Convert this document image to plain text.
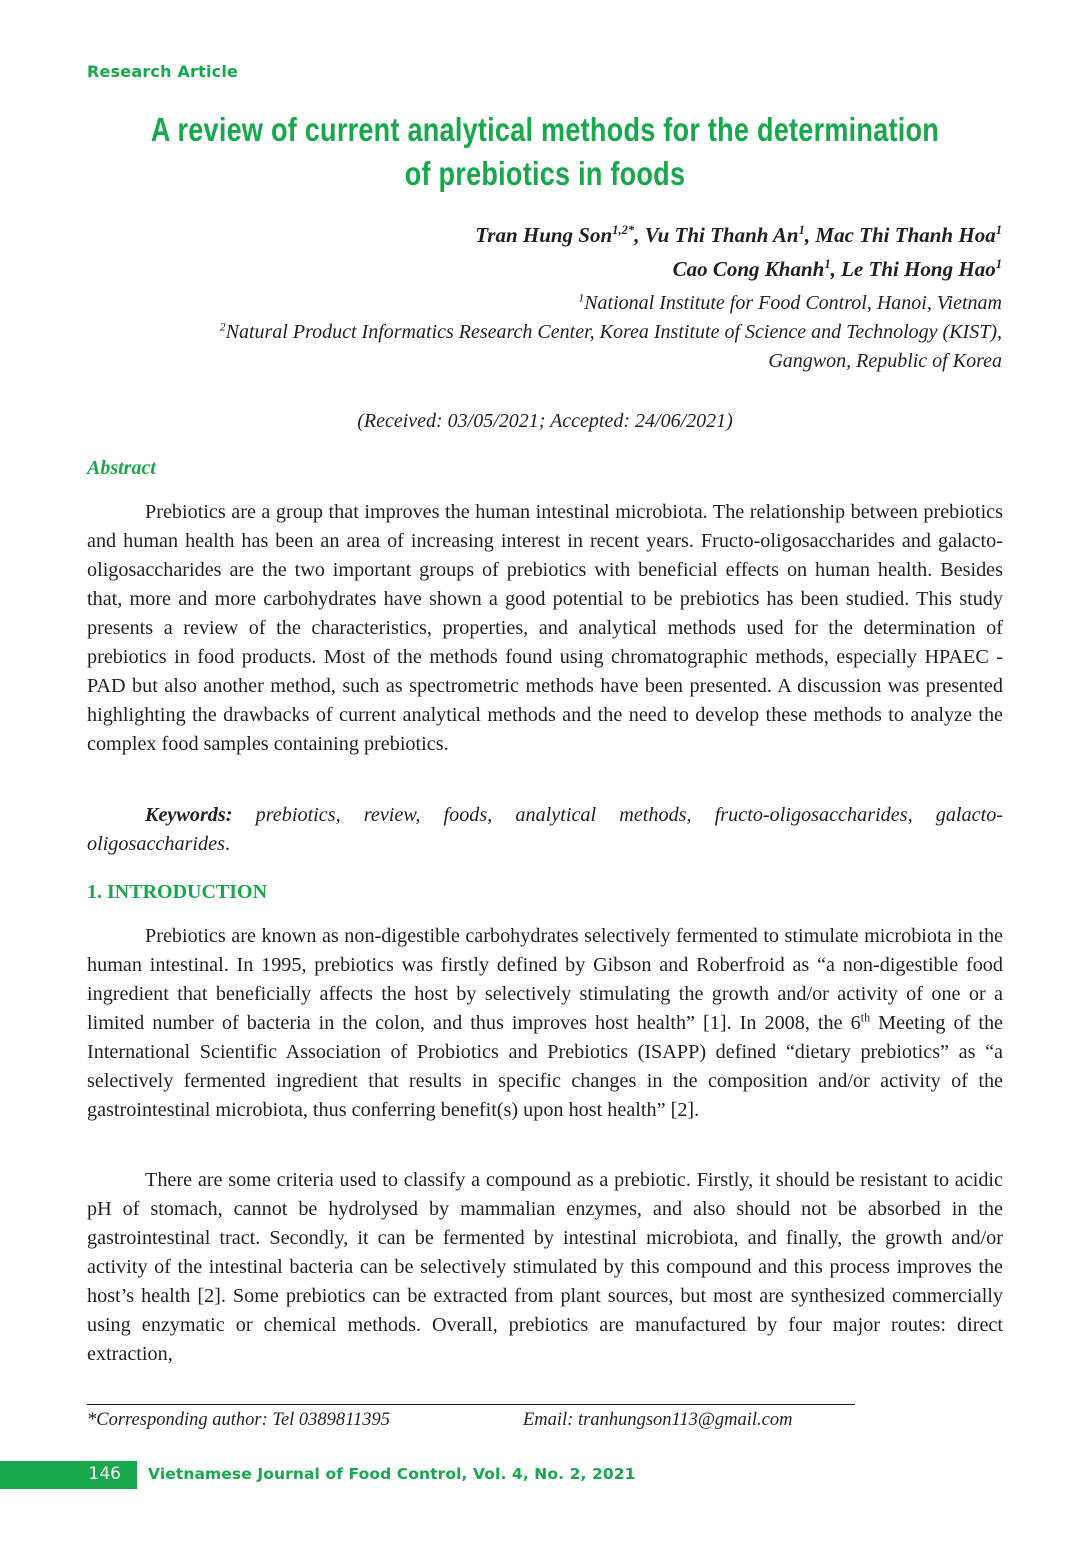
Research Article
A review of current analytical methods for the determination
of prebiotics in foods
Tran Hung Son$^{1,2*}$, Vu Thi Thanh An$^1$, Mac Thi Thanh Hoa$^1$
Cao Cong Khanh$^1$, Le Thi Hong Hao$^1$
$^1$National Institute for Food Control, Hanoi, Vietnam
$^2$Natural Product Informatics Research Center, Korea Institute of Science and Technology (KIST),
Gangwon, Republic of Korea
(Received: 03/05/2021; Accepted: 24/06/2021)
Abstract

Prebiotics are a group that improves the human intestinal microbiota. The relationship between prebiotics and human health has been an area of increasing interest in recent years. Fructo-oligosaccharides and galacto-oligosaccharides are the two important groups of prebiotics with beneficial effects on human health. Besides that, more and more carbohydrates have shown a good potential to be prebiotics has been studied. This study presents a review of the characteristics, properties, and analytical methods used for the determination of prebiotics in food products. Most of the methods found using chromatographic methods, especially HPAEC - PAD but also another method, such as spectrometric methods have been presented. A discussion was presented highlighting the drawbacks of current analytical methods and the need to develop these methods to analyze the complex food samples containing prebiotics.

Keywords: prebiotics, review, foods, analytical methods, fructo-oligosaccharides, galacto-oligosaccharides.

1. INTRODUCTION

Prebiotics are known as non-digestible carbohydrates selectively fermented to stimulate microbiota in the human intestinal. In 1995, prebiotics was firstly defined by Gibson and Roberfroid as “a non-digestible food ingredient that beneficially affects the host by selectively stimulating the growth and/or activity of one or a limited number of bacteria in the colon, and thus improves host health” [1]. In 2008, the 6th Meeting of the International Scientific Association of Probiotics and Prebiotics (ISAPP) defined “dietary prebiotics” as “a selectively fermented ingredient that results in specific changes in the composition and/or activity of the gastrointestinal microbiota, thus conferring benefit(s) upon host health” [2].

There are some criteria used to classify a compound as a prebiotic. Firstly, it should be resistant to acidic pH of stomach, cannot be hydrolysed by mammalian enzymes, and also should not be absorbed in the gastrointestinal tract. Secondly, it can be fermented by intestinal microbiota, and finally, the growth and/or activity of the intestinal bacteria can be selectively stimulated by this compound and this process improves the host’s health [2]. Some prebiotics can be extracted from plant sources, but most are synthesized commercially using enzymatic or chemical methods. Overall, prebiotics are manufactured by four major routes: direct extraction,

*Corresponding author: Tel 0389811395	Email: tranhungson113@gmail.com
146 Vietnamese Journal of Food Control, Vol. 4, No. 2, 2021
